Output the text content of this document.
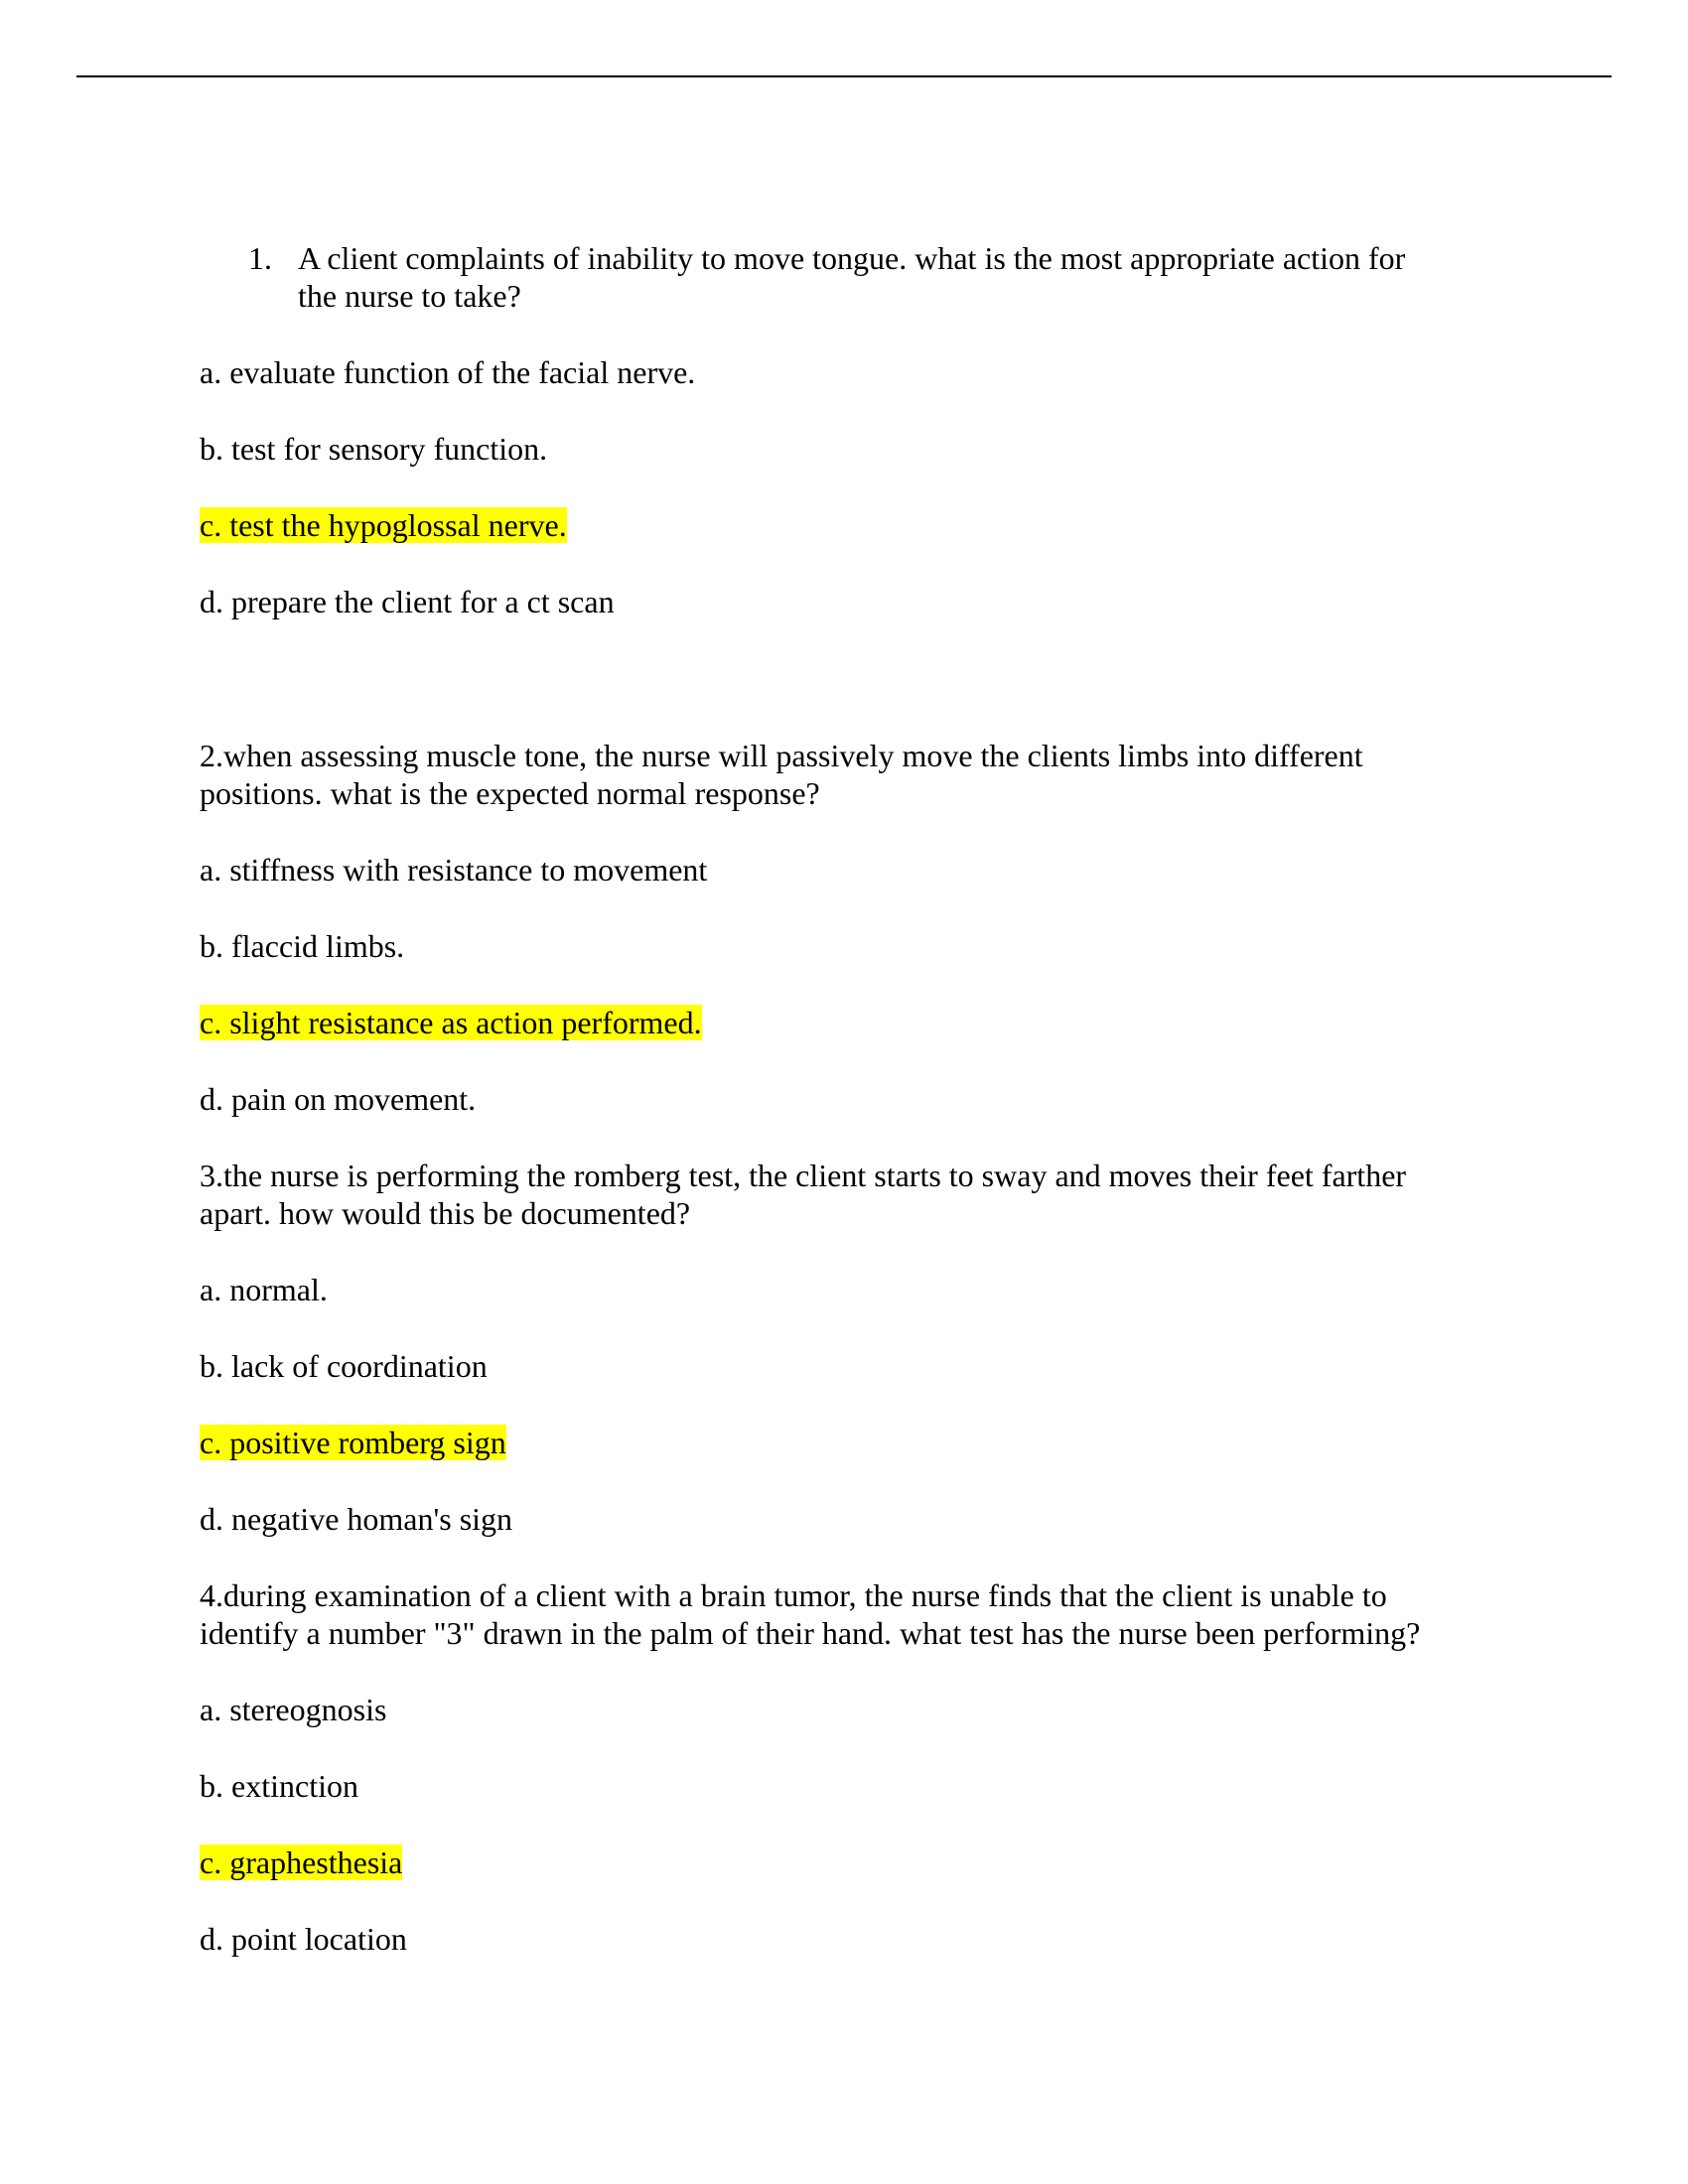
1. A client complaints of inability to move tongue. what is the most appropriate action for
the nurse to take?
a. evaluate function of the facial nerve.
b. test for sensory function.
c. test the hypoglossal nerve.
d. prepare the client for a ct scan
2.when assessing muscle tone, the nurse will passively move the clients limbs into different
positions. what is the expected normal response?
a. stiffness with resistance to movement
b. flaccid limbs.
c. slight resistance as action performed.
d. pain on movement.
3.the nurse is performing the romberg test, the client starts to sway and moves their feet farther
apart. how would this be documented?
a. normal.
b. lack of coordination
c. positive romberg sign
d. negative homan's sign
4.during examination of a client with a brain tumor, the nurse finds that the client is unable to
identify a number "3" drawn in the palm of their hand. what test has the nurse been performing?
a. stereognosis
b. extinction
c. graphesthesia
d. point location
